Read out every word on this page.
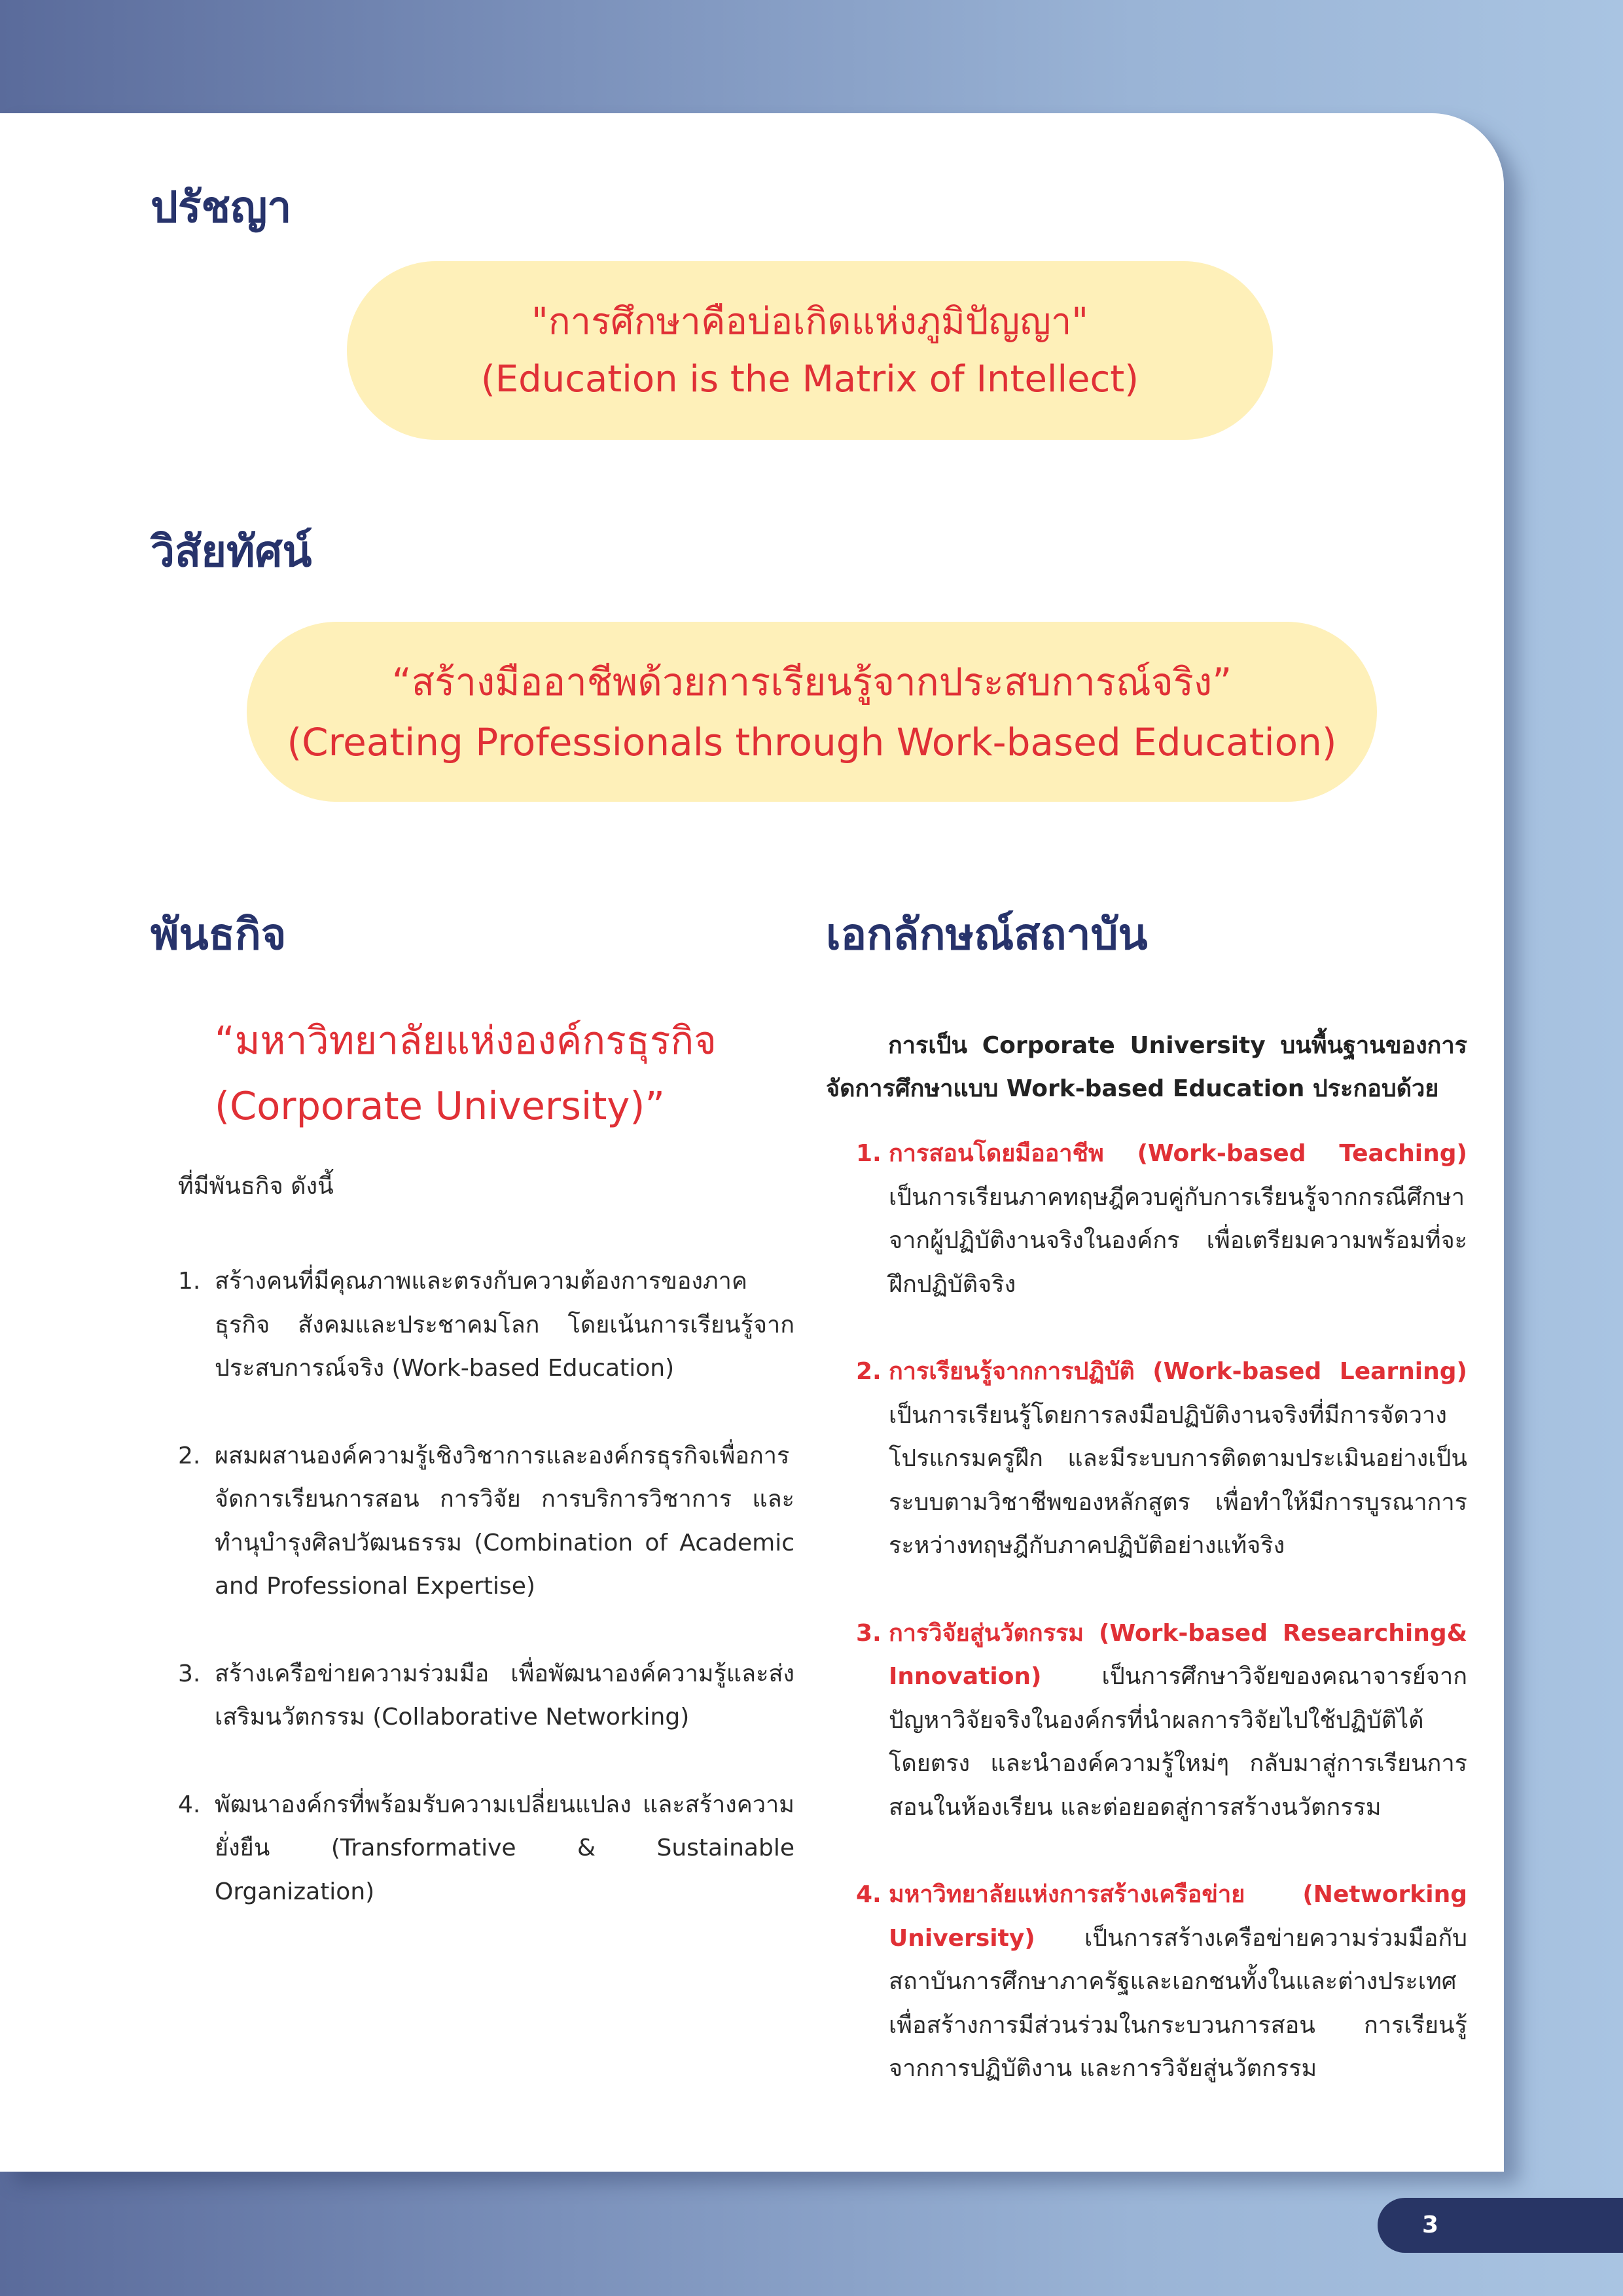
ปรัชญา
"การศึกษาคือบ่อเกิดแห่งภูมิปัญญา"
(Education is the Matrix of Intellect)
วิสัยทัศน์
“สร้างมืออาชีพด้วยการเรียนรู้จากประสบการณ์จริง”
(Creating Professionals through Work-based Education)
พันธกิจ
“มหาวิทยาลัยแห่งองค์กรธุรกิจ
(Corporate University)”
ที่มีพันธกิจ ดังนี้
1. สร้างคนที่มีคุณภาพและตรงกับความต้องการของภาคธุรกิจ สังคมและประชาคมโลก โดยเน้นการเรียนรู้จากประสบการณ์จริง (Work-based Education)
2. ผสมผสานองค์ความรู้เชิงวิชาการและองค์กรธุรกิจเพื่อการจัดการเรียนการสอน การวิจัย การบริการวิชาการ และทำนุบำรุงศิลปวัฒนธรรม (Combination of Academic and Professional Expertise)
3. สร้างเครือข่ายความร่วมมือ เพื่อพัฒนาองค์ความรู้และส่งเสริมนวัตกรรม (Collaborative Networking)
4. พัฒนาองค์กรที่พร้อมรับความเปลี่ยนแปลง และสร้างความยั่งยืน (Transformative & Sustainable Organization)
เอกลักษณ์สถาบัน

การเป็น Corporate University บนพื้นฐานของการจัดการศึกษาแบบ Work-based Education ประกอบด้วย

1. การสอนโดยมืออาชีพ (Work-based Teaching) เป็นการเรียนภาคทฤษฎีควบคู่กับการเรียนรู้จากกรณีศึกษา จากผู้ปฏิบัติงานจริงในองค์กร เพื่อเตรียมความพร้อมที่จะฝึกปฏิบัติจริง
2. การเรียนรู้จากการปฏิบัติ (Work-based Learning) เป็นการเรียนรู้โดยการลงมือปฏิบัติงานจริงที่มีการจัดวางโปรแกรมครูฝึก และมีระบบการติดตามประเมินอย่างเป็นระบบตามวิชาชีพของหลักสูตร เพื่อทำให้มีการบูรณาการระหว่างทฤษฎีกับภาคปฏิบัติอย่างแท้จริง
3. การวิจัยสู่นวัตกรรม (Work-based Researching& Innovation) เป็นการศึกษาวิจัยของคณาจารย์จากปัญหาวิจัยจริงในองค์กรที่นำผลการวิจัยไปใช้ปฏิบัติได้โดยตรง และนำองค์ความรู้ใหม่ๆ กลับมาสู่การเรียนการสอนในห้องเรียน และต่อยอดสู่การสร้างนวัตกรรม
4. มหาวิทยาลัยแห่งการสร้างเครือข่าย (Networking University) เป็นการสร้างเครือข่ายความร่วมมือกับสถาบันการศึกษาภาครัฐและเอกชนทั้งในและต่างประเทศ เพื่อสร้างการมีส่วนร่วมในกระบวนการสอน การเรียนรู้จากการปฏิบัติงาน และการวิจัยสู่นวัตกรรม
3
